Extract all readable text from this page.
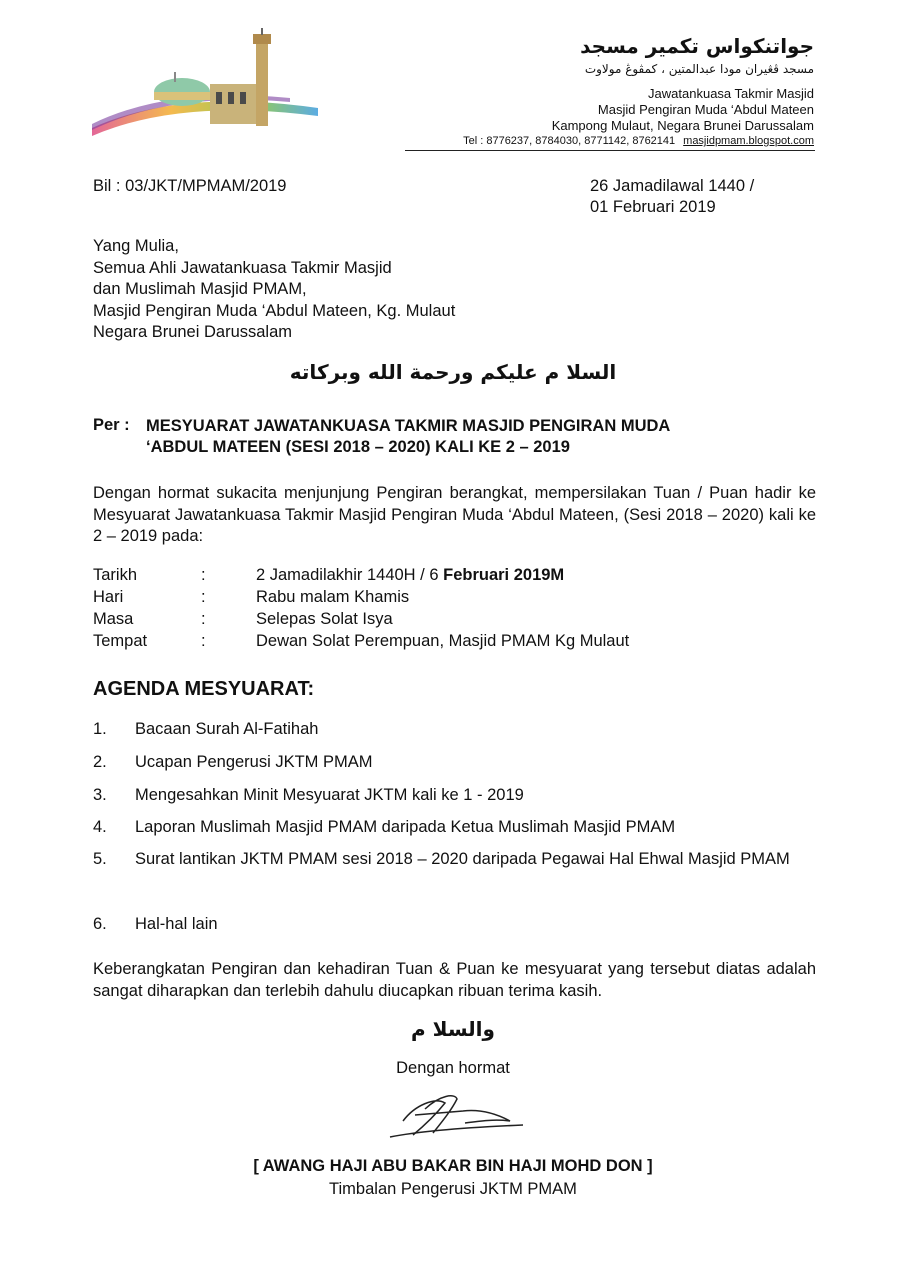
جواتنکواس تکمير مسجد
مسجد ڤڠيران مودا عبدالمتين ، كمڤوڠ مولاوت
Jawatankuasa Takmir Masjid
Masjid Pengiran Muda ‘Abdul Mateen
Kampong Mulaut, Negara Brunei Darussalam
Tel : 8776237, 8784030, 8771142, 8762141 masjidpmam.blogspot.com
Bil : 03/JKT/MPMAM/2019	26 Jamadilawal 1440 /
01 Februari 2019
Yang Mulia,
Semua Ahli Jawatankuasa Takmir Masjid
dan Muslimah Masjid PMAM,
Masjid Pengiran Muda ‘Abdul Mateen, Kg. Mulaut
Negara Brunei Darussalam
السلا م عليكم ورحمة الله وبركاته
Per : MESYUARAT JAWATANKUASA TAKMIR MASJID PENGIRAN MUDA
‘ABDUL MATEEN (SESI 2018 – 2020) KALI KE 2 – 2019
Dengan hormat sukacita menjunjung Pengiran berangkat, mempersilakan Tuan / Puan hadir ke Mesyuarat Jawatankuasa Takmir Masjid Pengiran Muda ‘Abdul Mateen, (Sesi 2018 – 2020) kali ke 2 – 2019 pada:
Tarikh	:	2 Jamadilakhir 1440H / 6 Februari 2019M
Hari	:	Rabu malam Khamis
Masa	:	Selepas Solat Isya
Tempat	:	Dewan Solat Perempuan, Masjid PMAM Kg Mulaut
AGENDA MESYUARAT:
1. Bacaan Surah Al-Fatihah
2. Ucapan Pengerusi JKTM PMAM
3. Mengesahkan Minit Mesyuarat JKTM kali ke 1 - 2019
4. Laporan Muslimah Masjid PMAM daripada Ketua Muslimah Masjid PMAM
5. Surat lantikan JKTM PMAM sesi 2018 – 2020 daripada Pegawai Hal Ehwal Masjid PMAM
6. Hal-hal lain
Keberangkatan Pengiran dan kehadiran Tuan & Puan ke mesyuarat yang tersebut diatas adalah sangat diharapkan dan terlebih dahulu diucapkan ribuan terima kasih.
والسلا م
Dengan hormat
[ AWANG HAJI ABU BAKAR BIN HAJI MOHD DON ]
Timbalan Pengerusi JKTM PMAM
